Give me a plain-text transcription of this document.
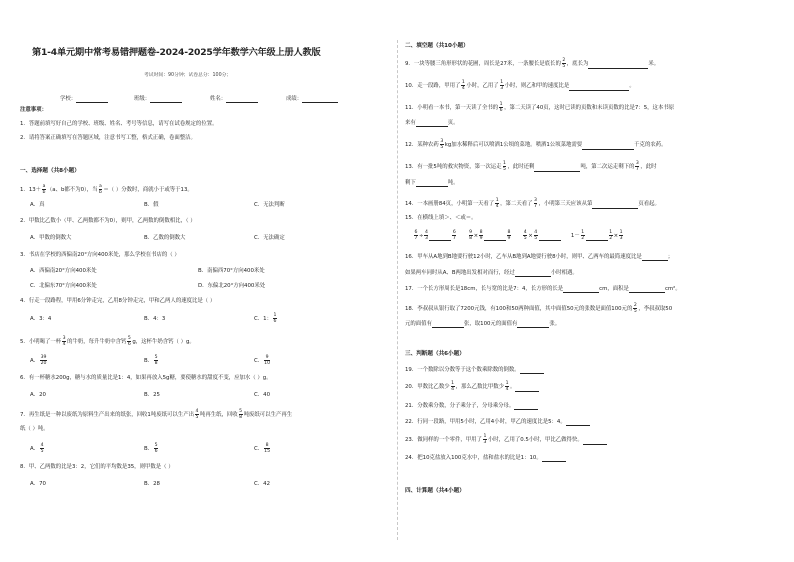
第1-4单元期中常考易错押题卷-2024-2025学年数学六年级上册人教版
考试时间：90分钟；试卷总分：100分；
学校：	班级：	姓名：	成绩：
注意事项：
1．答题前填写好自己的学校、班级、姓名、考号等信息，请写在试卷规定的位置。
2．请将答案正确填写在答题区域，注意书写工整，格式正确，卷面整洁。
一、选择题（共8小题）
1．$13+ \frac{a}{b} (a$、b都不为0），当 $\frac{a}{b}$ ＝（ ）分数时，商就小于或等于13。
A．真	B．假	C．无法判断
2．甲数比乙数小（甲、乙两数都不为0），则甲，乙两数的倒数相比，（ ）
A．甲数的倒数大	B．乙数的倒数大	C．无法确定
3．书店在学校的西偏南20°方向400米处，那么学校在书店的（ ）
A．西偏南20°方向400米处	B．南偏西70°方向400米处
C．北偏东70°方向400米处	D．东偏北20°方向400米处
4．行走一段路程，甲用6分钟走完，乙用8分钟走完，甲和乙两人的速度比是（ ）
A．3：4	B．4：3	C．1： $\frac{1}{6}$
5．小明喝了一杯 $\frac{3}{4}$ 的牛奶，每升牛奶中含钙 $\frac{5}{6}$ g，这杯牛奶含钙（ ）g。
A． $\frac{39}{20}$	B． $\frac{5}{8}$	C． $\frac{9}{10}$
6．有一杯糖水200g，糖与水的质量比是1：4，如果再放入5g糖，要使糖水的甜度不变，应加水（ ）g。
A．20	B．25	C．40
7．再生纸是一种以废纸为原料生产出来的纸张，回收1吨废纸可以生产出 $\frac{4}{5}$ 吨再生纸，回收 $\frac{5}{8}$ 吨废纸可以生产再生
纸（ ）吨。
A． $\frac{4}{5}$	B． $\frac{5}{6}$	C． $\frac{8}{15}$
8．甲、乙两数的比是3：2，它们的平均数是35，则甲数是（ ）
A．70	B．28	C．42
二、填空题（共10小题）
9．一块等腰三角形形状的花圃，周长是27米，一条腰长是底长的 $\frac{2}{5}$ ，底长为	米。
10．走一段路，甲用了 $\frac{1}{4}$ 小时，乙用了 $\frac{1}{3}$ 小时，则乙和甲的速度比是	。
11．小明看一本书，第一天读了全书的 $\frac{1}{6}$ ，第二天读了40页，这时已读的页数和未读页数的比是7：5，这本书原
来有	页。
12．某种农药 $\frac{3}{5}$ kg加水稀释后可以喷洒1公顷的菜地。喷洒1公顷菜地需要	千克的农药。
13．有一批5吨的救灾物资，第一次运走 $\frac{1}{5}$ ，此时还剩	吨，第二次运走剩下的 $\frac{3}{7}$ ，此时
剩下	吨。
14．一本画册84页，小明第一天看了 $\frac{1}{4}$ ，第二天看了 $\frac{3}{7}$ ，小明第三天应该从第	页看起。
15．在横线上填＞、＜或＝。
$\frac{6}{7} \div \frac{4}{3}$	$\frac{6}{7}$
	$\frac{9}{8} \times \frac{8}{9}$	$\frac{8}{9}$
	$\frac{4}{5} \times \frac{4}{5}$	$1- \frac{1}{2}$	$\frac{1}{2} \times \frac{1}{3}$
16．甲车从A地到B地要行驶12小时，乙车从B地到A地要行驶8小时，则甲、乙两车的最简速度比是	；
如果两车同时从A、B两地出发相对而行，经过	小时相遇。
17．一个长方形周长是18cm，长与宽的比是7：4，长方形的长是	cm，面积是	cm²。
18．李叔叔从银行取了7200元钱，有100和50两种面值，其中面值50元的张数是面值100元的 $\frac{2}{5}$ ，李叔叔取50
元的面值有	张，取100元的面值有	张。
三、判断题（共6小题）
19．一个数除以分数等于这个数乘除数的倒数。
20．甲数比乙数少 $\frac{1}{4}$ ，那么乙数比甲数少 $\frac{1}{4}$ 。
21．分数乘分数，分子乘分子，分母乘分母。
22．行同一段路，甲用5小时，乙用4小时，甲乙的速度比是5：4。
23．做同样的一个零件，甲用了 $\frac{1}{3}$ 小时，乙用了0.5小时，甲比乙做得快。
24．把10克盐放入100克水中，盐和盐水的比是1：10。
四、计算题（共4小题）
